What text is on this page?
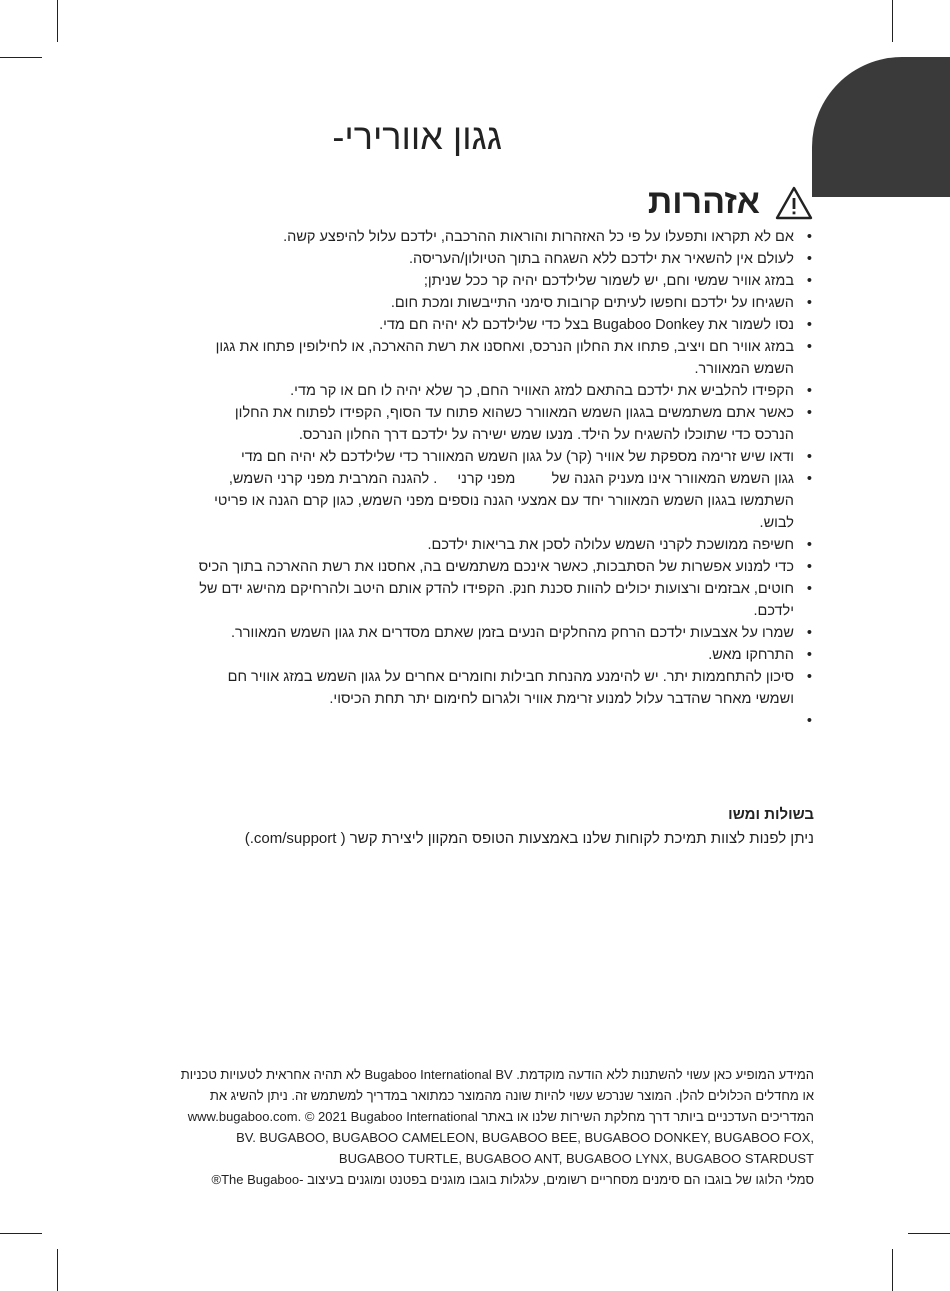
גגון אוורירי-
אזהרות
• אם לא תקראו ותפעלו על פי כל האזהרות והוראות ההרכבה, ילדכם עלול להיפצע קשה.
• לעולם אין להשאיר את ילדכם ללא השגחה בתוך הטיולון/העריסה.
• במזג אוויר שמשי וחם, יש לשמור שלילדכם יהיה קר ככל שניתן;
• השגיחו על ילדכם וחפשו לעיתים קרובות סימני התייבשות ומכת חום.
• נסו לשמור את Bugaboo Donkey בצל כדי שלילדכם לא יהיה חם מדי.
• במזג אוויר חם ויציב, פתחו את החלון הנרכס, ואחסנו את רשת ההארכה, או לחילופין פתחו את גגון השמש המאוורר.
• הקפידו להלביש את ילדכם בהתאם למזג האוויר החם, כך שלא יהיה לו חם או קר מדי.
• כאשר אתם משתמשים בגגון השמש המאוורר כשהוא פתוח עד הסוף, הקפידו לפתוח את החלון הנרכס כדי שתוכלו להשגיח על הילד. מנעו שמש ישירה על ילדכם דרך החלון הנרכס.
• ודאו שיש זרימה מספקת של אוויר (קר) על גגון השמש המאוורר כדי שלילדכם לא יהיה חם מדי
• גגון השמש המאוורר אינו מעניק הגנה של         מפני קרני     . להגנה המרבית מפני קרני השמש, השתמשו בגגון השמש המאוורר יחד עם אמצעי הגנה נוספים מפני השמש, כגון קרם הגנה או פריטי לבוש.
• חשיפה ממושכת לקרני השמש עלולה לסכן את בריאות ילדכם.
• כדי למנוע אפשרות של הסתבכות, כאשר אינכם משתמשים בה, אחסנו את רשת ההארכה בתוך הכיס
• חוטים, אבזמים ורצועות יכולים להוות סכנת חנק. הקפידו להדק אותם היטב ולהרחיקם מהישג ידם של ילדכם.
• שמרו על אצבעות ילדכם הרחק מהחלקים הנעים בזמן שאתם מסדרים את גגון השמש המאוורר.
• התרחקו מאש.
• סיכון להתחממות יתר. יש להימנע מהנחת חבילות וחומרים אחרים על גגון השמש במזג אוויר חם ושמשי מאחר שהדבר עלול למנוע זרימת אוויר ולגרום לחימום יתר תחת הכיסוי.
•
בשולות ומשו

ניתן לפנות לצוות תמיכת לקוחות שלנו באמצעות הטופס המקוון ליצירת קשר ( com/support.)

המידע המופיע כאן עשוי להשתנות ללא הודעה מוקדמת. Bugaboo International BV לא תהיה אחראית לטעויות טכניות או מחדלים הכלולים להלן. המוצר שנרכש עשוי להיות שונה מהמוצר כמתואר במדריך למשתמש זה. ניתן להשיג את המדריכים העדכניים ביותר דרך מחלקת השירות שלנו או באתר www.bugaboo.com. © 2021 Bugaboo International BV. BUGABOO, BUGABOO CAMELEON, BUGABOO BEE, BUGABOO DONKEY, BUGABOO FOX, BUGABOO TURTLE, BUGABOO ANT, BUGABOO LYNX, BUGABOO STARDUST

סמלי הלוגו של בוגבו הם סימנים מסחריים רשומים, עלגלות בוגבו מוגנים בפטנט ומוגנים בעיצוב -The Bugaboo®
